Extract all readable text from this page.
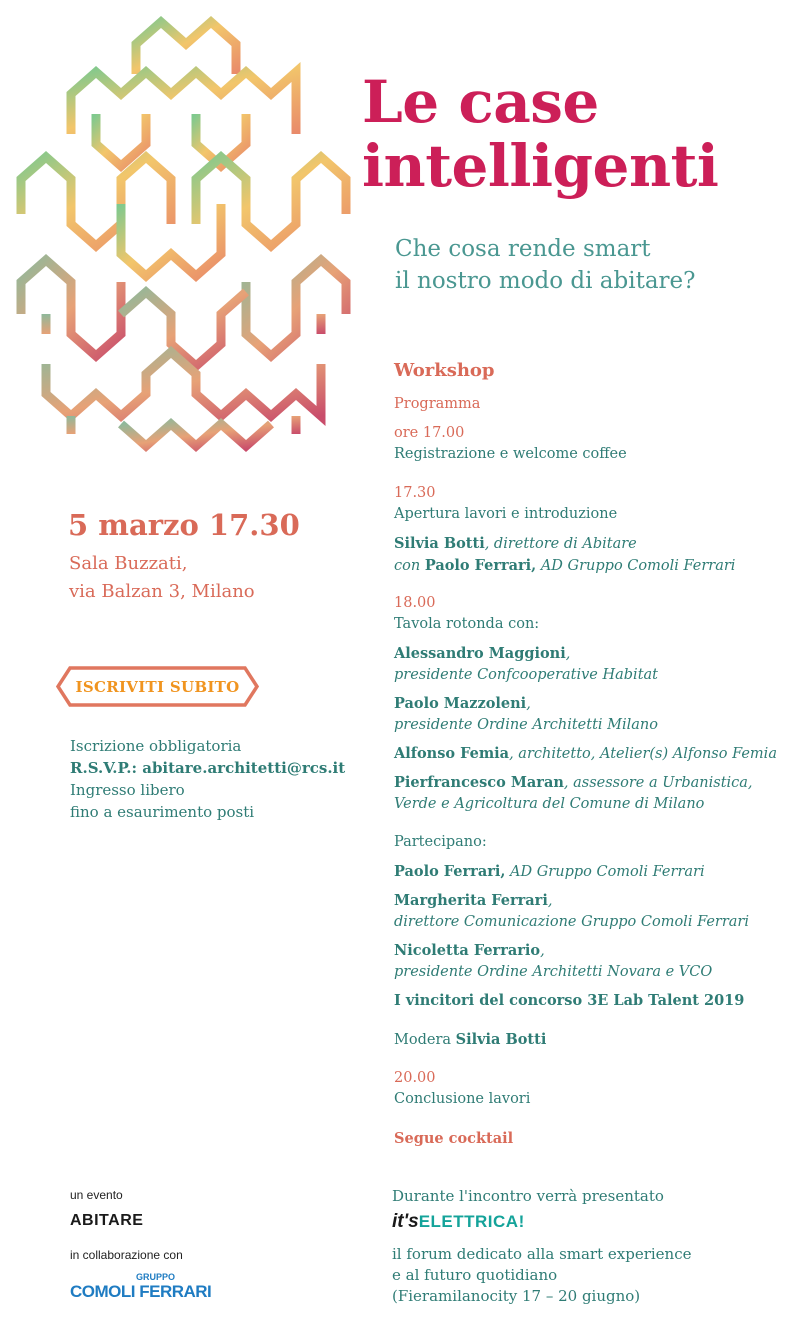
Le case
intelligenti
Che cosa rende smart
il nostro modo di abitare?
5 marzo 17.30
Sala Buzzati,
via Balzan 3, Milano
ISCRIVITI SUBITO
Iscrizione obbligatoria
R.S.V.P.: abitare.architetti@rcs.it
Ingresso libero
fino a esaurimento posti
Workshop
Programma
ore 17.00
Registrazione e welcome coffee
17.30
Apertura lavori e introduzione
Silvia Botti, direttore di Abitare
con Paolo Ferrari, AD Gruppo Comoli Ferrari
18.00
Tavola rotonda con:
Alessandro Maggioni,
presidente Confcooperative Habitat
Paolo Mazzoleni,
presidente Ordine Architetti Milano
Alfonso Femia, architetto, Atelier(s) Alfonso Femia
Pierfrancesco Maran, assessore a Urbanistica,
Verde e Agricoltura del Comune di Milano
Partecipano:
Paolo Ferrari, AD Gruppo Comoli Ferrari
Margherita Ferrari,
direttore Comunicazione Gruppo Comoli Ferrari
Nicoletta Ferrario,
presidente Ordine Architetti Novara e VCO
I vincitori del concorso 3E Lab Talent 2019
Modera Silvia Botti
20.00
Conclusione lavori
Segue cocktail
un evento
ABITARE
in collaborazione con
GRUPPO
COMOLI FERRARI
Durante l'incontro verrà presentato
it'sELETTRICA!
il forum dedicato alla smart experience
e al futuro quotidiano
(Fieramilanocity 17 – 20 giugno)
